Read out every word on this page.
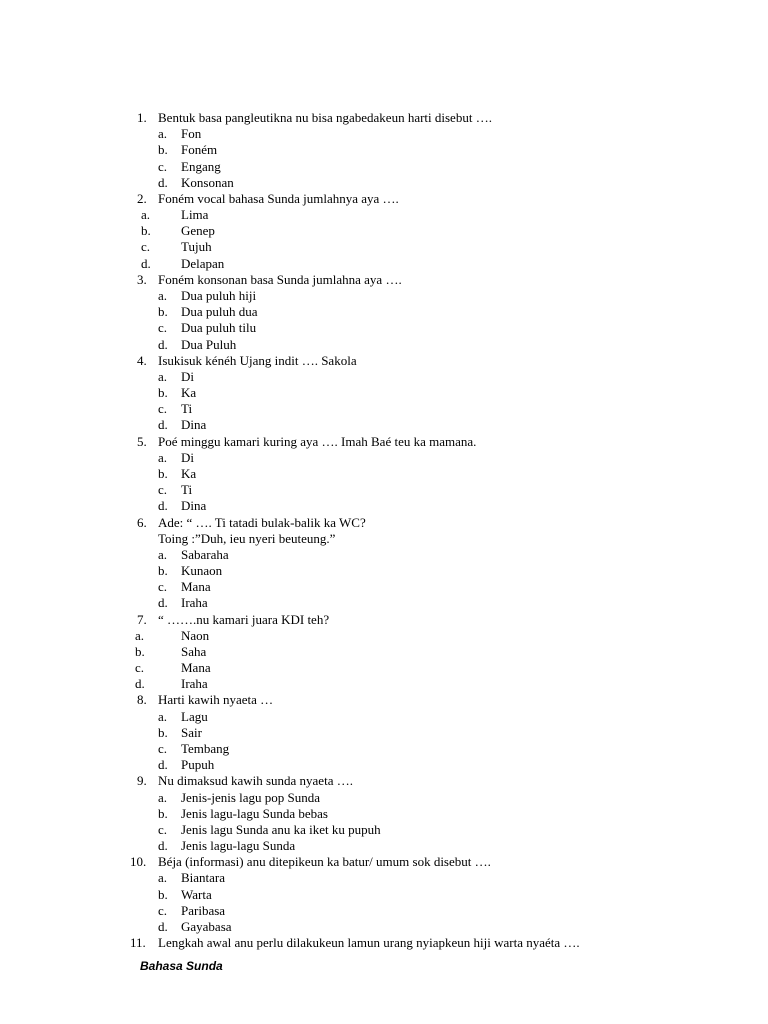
1. Bentuk basa pangleutikna nu bisa ngabedakeun harti disebut ….
a. Fon
b. Foném
c. Engang
d. Konsonan
2. Foném vocal bahasa Sunda jumlahnya aya ….
a. Lima
b. Genep
c. Tujuh
d. Delapan
3. Foném konsonan basa Sunda jumlahna aya ….
a. Dua puluh hiji
b. Dua puluh dua
c. Dua puluh tilu
d. Dua Puluh
4. Isukisuk kénéh Ujang indit …. Sakola
a. Di
b. Ka
c. Ti
d. Dina
5. Poé minggu kamari kuring aya …. Imah Baé teu ka mamana.
a. Di
b. Ka
c. Ti
d. Dina
6. Ade: “ …. Ti tatadi bulak-balik ka WC?
Toing :”Duh, ieu nyeri beuteung.”
a. Sabaraha
b. Kunaon
c. Mana
d. Iraha
7. “ …….nu kamari juara KDI teh?
a.	Naon
b.	Saha
c.	Mana
d.	Iraha
8. Harti kawih nyaeta …
a. Lagu
b. Sair
c. Tembang
d. Pupuh
9. Nu dimaksud kawih sunda nyaeta ….
a. Jenis-jenis lagu pop Sunda
b. Jenis lagu-lagu Sunda bebas
c. Jenis lagu Sunda anu ka iket ku pupuh
d. Jenis lagu-lagu Sunda
10. Béja (informasi) anu ditepikeun ka batur/ umum sok disebut ….
a. Biantara
b. Warta
c. Paribasa
d. Gayabasa
11. Lengkah awal anu perlu dilakukeun lamun urang nyiapkeun hiji warta nyaéta ….
Bahasa Sunda
